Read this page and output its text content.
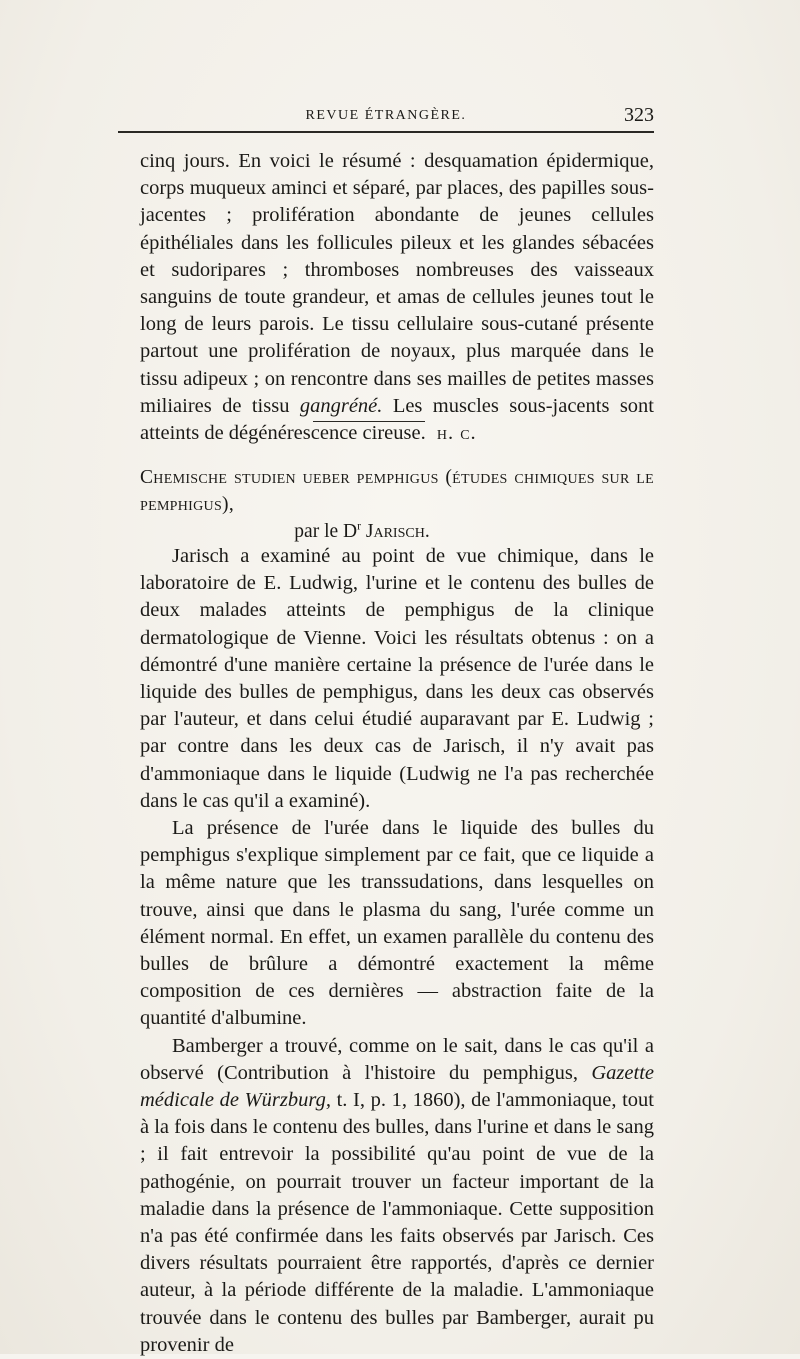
REVUE ÉTRANGÈRE.	323
cinq jours. En voici le résumé : desquamation épidermique, corps muqueux aminci et séparé, par places, des papilles sous-jacentes ; prolifération abondante de jeunes cellules épithéliales dans les follicules pileux et les glandes sébacées et sudoripares ; thromboses nombreuses des vaisseaux sanguins de toute grandeur, et amas de cellules jeunes tout le long de leurs parois. Le tissu cellulaire sous-cutané présente partout une prolifération de noyaux, plus marquée dans le tissu adipeux ; on rencontre dans ses mailles de petites masses miliaires de tissu gangréné. Les muscles sous-jacents sont atteints de dégénérescence cireuse. h. c.
Chemische studien ueber pemphigus (études chimiques sur le pemphigus),
par le $D^r$ Jarisch.

Jarisch a examiné au point de vue chimique, dans le laboratoire de E. Ludwig, l'urine et le contenu des bulles de deux malades atteints de pemphigus de la clinique dermatologique de Vienne. Voici les résultats obtenus : on a démontré d'une manière certaine la présence de l'urée dans le liquide des bulles de pemphigus, dans les deux cas observés par l'auteur, et dans celui étudié auparavant par E. Ludwig ; par contre dans les deux cas de Jarisch, il n'y avait pas d'ammoniaque dans le liquide (Ludwig ne l'a pas recherchée dans le cas qu'il a examiné).

La présence de l'urée dans le liquide des bulles du pemphigus s'explique simplement par ce fait, que ce liquide a la même nature que les transsudations, dans lesquelles on trouve, ainsi que dans le plasma du sang, l'urée comme un élément normal. En effet, un examen parallèle du contenu des bulles de brûlure a démontré exactement la même composition de ces dernières — abstraction faite de la quantité d'albumine.

Bamberger a trouvé, comme on le sait, dans le cas qu'il a observé (Contribution à l'histoire du pemphigus, Gazette médicale de Würzburg, t. I, p. 1, 1860), de l'ammoniaque, tout à la fois dans le contenu des bulles, dans l'urine et dans le sang ; il fait entrevoir la possibilité qu'au point de vue de la pathogénie, on pourrait trouver un facteur important de la maladie dans la présence de l'ammoniaque. Cette supposition n'a pas été confirmée dans les faits observés par Jarisch. Ces divers résultats pourraient être rapportés, d'après ce dernier auteur, à la période différente de la maladie. L'ammoniaque trouvée dans le contenu des bulles par Bamberger, aurait pu provenir de
